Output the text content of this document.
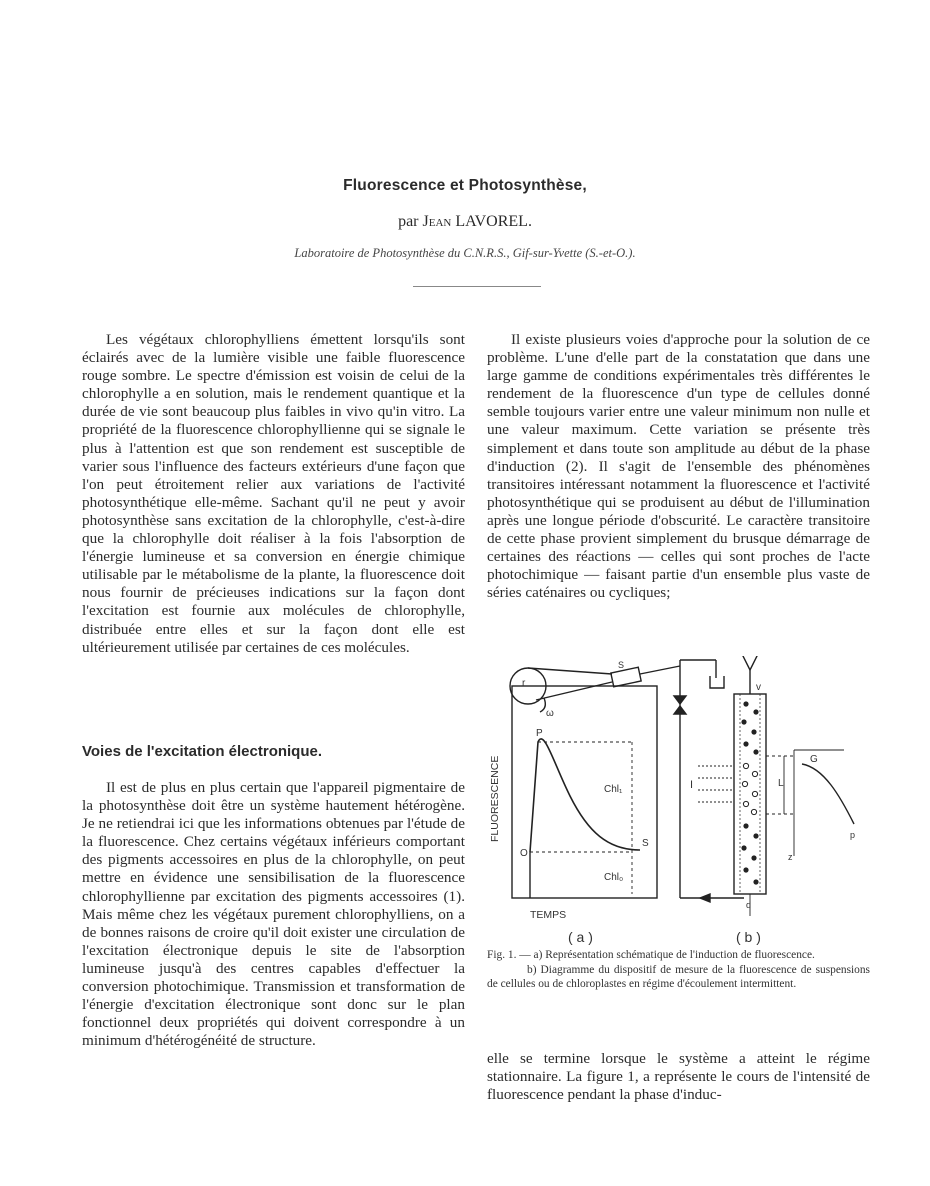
Fluorescence et Photosynthèse,
par Jean LAVOREL.
Laboratoire de Photosynthèse du C.N.R.S., Gif-sur-Yvette (S.-et-O.).

Les végétaux chlorophylliens émettent lorsqu'ils sont éclairés avec de la lumière visible une faible fluorescence rouge sombre. Le spectre d'émission est voisin de celui de la chlorophylle a en solution, mais le rendement quantique et la durée de vie sont beaucoup plus faibles in vivo qu'in vitro. La propriété de la fluorescence chlorophyllienne qui se signale le plus à l'attention est que son rendement est susceptible de varier sous l'influence des facteurs extérieurs d'une façon que l'on peut étroitement relier aux variations de l'activité photosynthétique elle-même. Sachant qu'il ne peut y avoir photosynthèse sans excitation de la chlorophylle, c'est-à-dire que la chlorophylle doit réaliser à la fois l'absorption de l'énergie lumineuse et sa conversion en énergie chimique utilisable par le métabolisme de la plante, la fluorescence doit nous fournir de précieuses indications sur la façon dont l'excitation est fournie aux molécules de chlorophylle, distribuée entre elles et sur la façon dont elle est ultérieurement utilisée par certaines de ces molécules.

Il existe plusieurs voies d'approche pour la solution de ce problème. L'une d'elle part de la constatation que dans une large gamme de conditions expérimentales très différentes le rendement de la fluorescence d'un type de cellules donné semble toujours varier entre une valeur minimum non nulle et une valeur maximum. Cette variation se présente très simplement et dans toute son amplitude au début de la phase d'induction (2). Il s'agit de l'ensemble des phénomènes transitoires intéressant notamment la fluorescence et l'activité photosynthétique qui se produisent au début de l'illumination après une longue période d'obscurité. Le caractère transitoire de cette phase provient simplement du brusque démarrage de certaines des réactions — celles qui sont proches de l'acte photochimique — faisant partie d'un ensemble plus vaste de séries caténaires ou cycliques;

Voies de l'excitation électronique.

Il est de plus en plus certain que l'appareil pigmentaire de la photosynthèse doit être un système hautement hétérogène. Je ne retiendrai ici que les informations obtenues par l'étude de la fluorescence. Chez certains végétaux inférieurs comportant des pigments accessoires en plus de la chlorophylle, on peut mettre en évidence une sensibilisation de la fluorescence chlorophyllienne par excitation des pigments accessoires (1). Mais même chez les végétaux purement chlorophylliens, on a de bonnes raisons de croire qu'il doit exister une circulation de l'excitation électronique depuis le site de l'absorption lumineuse jusqu'à des centres capables d'effectuer la conversion photochimique. Transmission et transformation de l'énergie d'excitation électronique sont donc sur le plan fonctionnel deux propriétés qui doivent correspondre à un minimum d'hétérogénéité de structure.

FLUORESCENCE
TEMPS
P
O
S
Chl₁
Chl₀
( a )
r
ω
S
v
I	L
d
z
G
p
( b )

Fig. 1. — a) Représentation schématique de l'induction de fluorescence.

b) Diagramme du dispositif de mesure de la fluorescence de suspensions de cellules ou de chloroplastes en régime d'écoulement intermittent.

elle se termine lorsque le système a atteint le régime stationnaire. La figure 1, a représente le cours de l'intensité de fluorescence pendant la phase d'induc-
